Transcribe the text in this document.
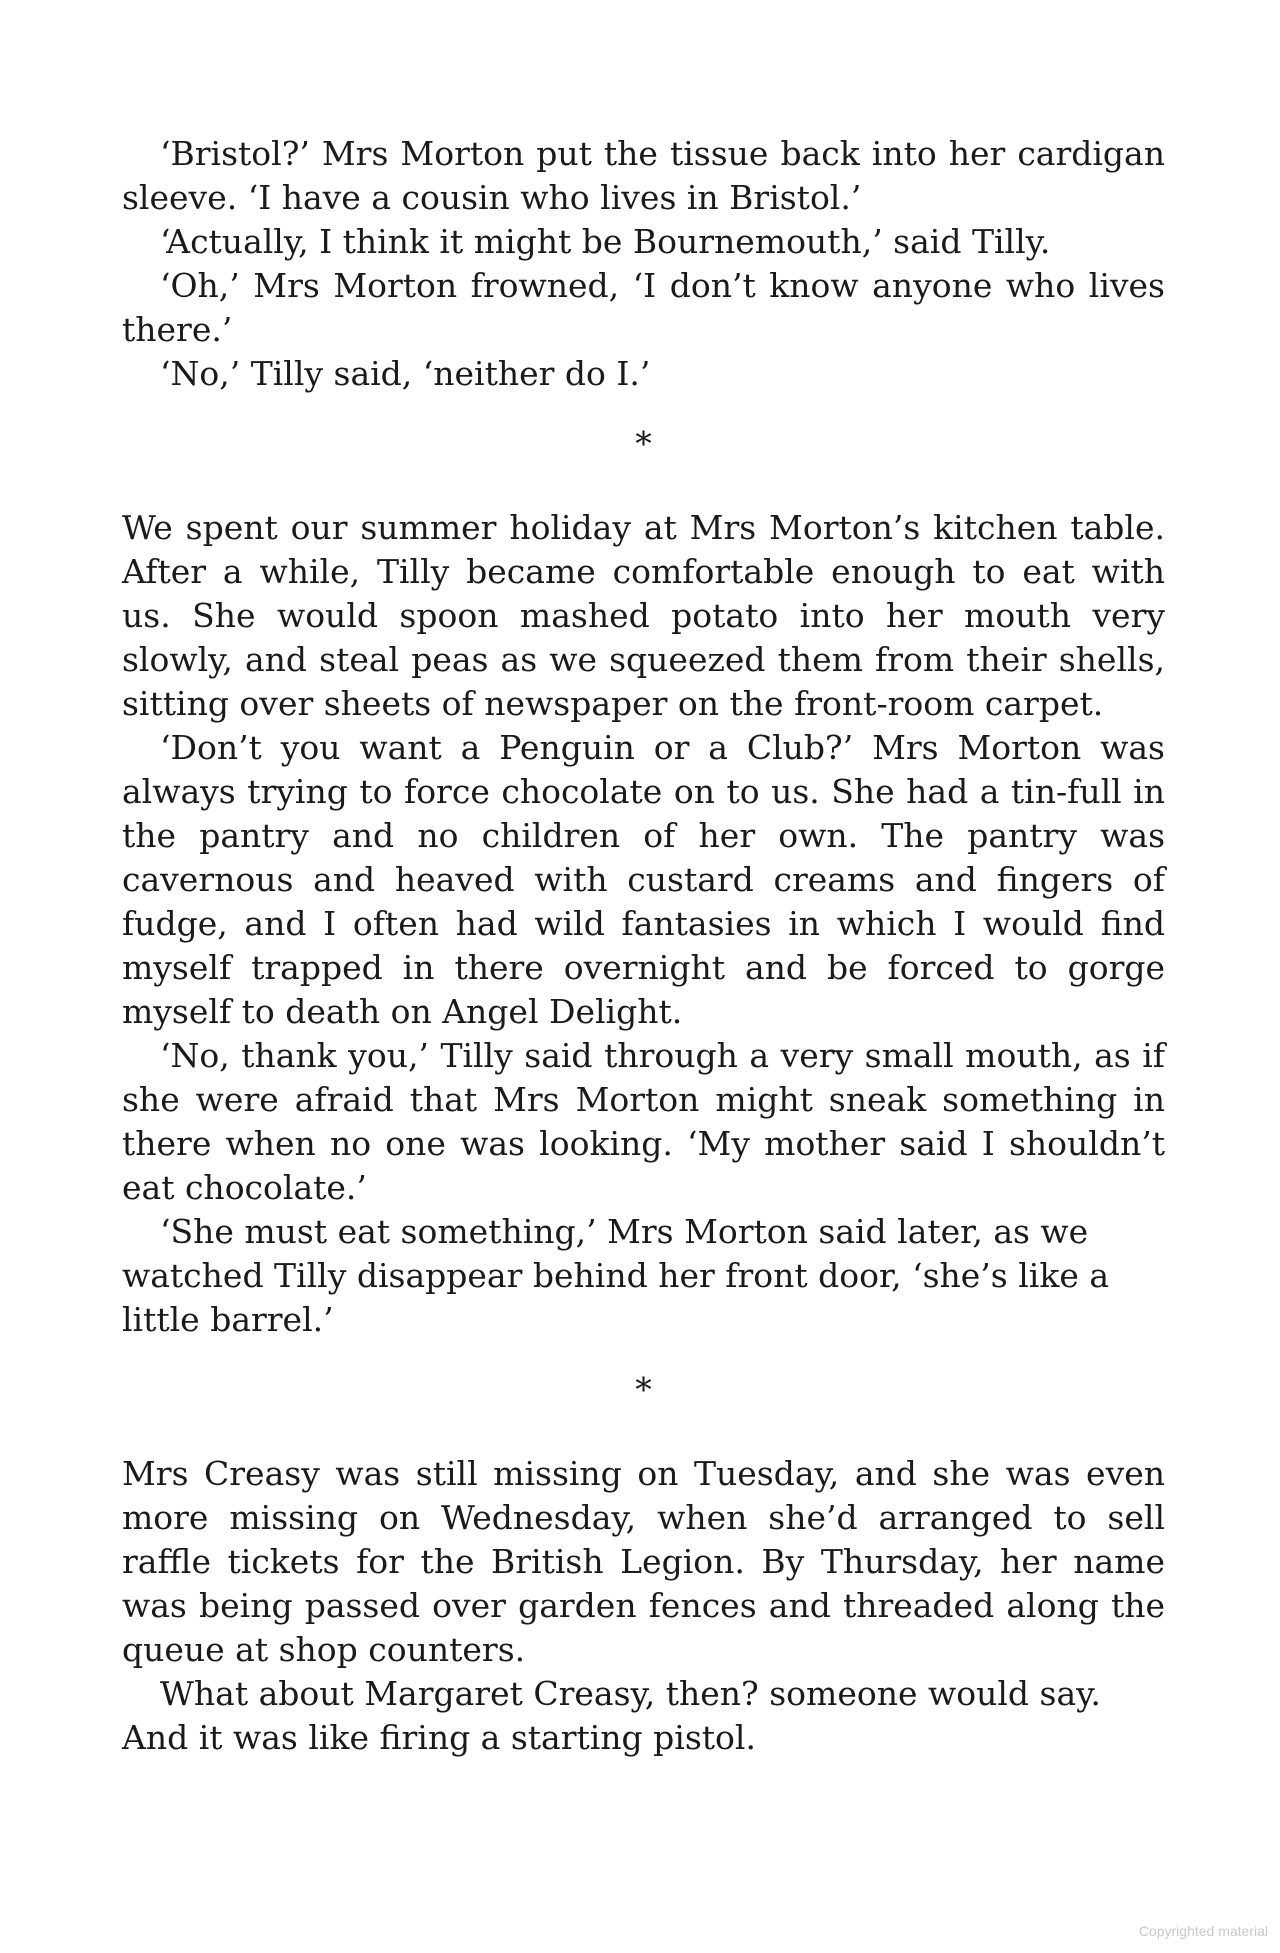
‘Bristol?’ Mrs Morton put the tissue back into her cardigan sleeve. ‘I have a cousin who lives in Bristol.’

‘Actually, I think it might be Bournemouth,’ said Tilly.

‘Oh,’ Mrs Morton frowned, ‘I don’t know anyone who lives there.’

‘No,’ Tilly said, ‘neither do I.’

*

We spent our summer holiday at Mrs Morton’s kitchen table. After a while, Tilly became comfortable enough to eat with us. She would spoon mashed potato into her mouth very slowly, and steal peas as we squeezed them from their shells, sitting over sheets of newspaper on the front-room carpet.

‘Don’t you want a Penguin or a Club?’ Mrs Morton was always trying to force chocolate on to us. She had a tin-full in the pantry and no children of her own. The pantry was cavernous and heaved with custard creams and fingers of fudge, and I often had wild fantasies in which I would find myself trapped in there overnight and be forced to gorge myself to death on Angel Delight.

‘No, thank you,’ Tilly said through a very small mouth, as if she were afraid that Mrs Morton might sneak something in there when no one was looking. ‘My mother said I shouldn’t eat chocolate.’

‘She must eat something,’ Mrs Morton said later, as we watched Tilly disappear behind her front door, ‘she’s like a little barrel.’

*

Mrs Creasy was still missing on Tuesday, and she was even more missing on Wednesday, when she’d arranged to sell raffle tickets for the British Legion. By Thursday, her name was being passed over garden fences and threaded along the queue at shop counters.

What about Margaret Creasy, then? someone would say. And it was like firing a starting pistol.

Copyrighted material
